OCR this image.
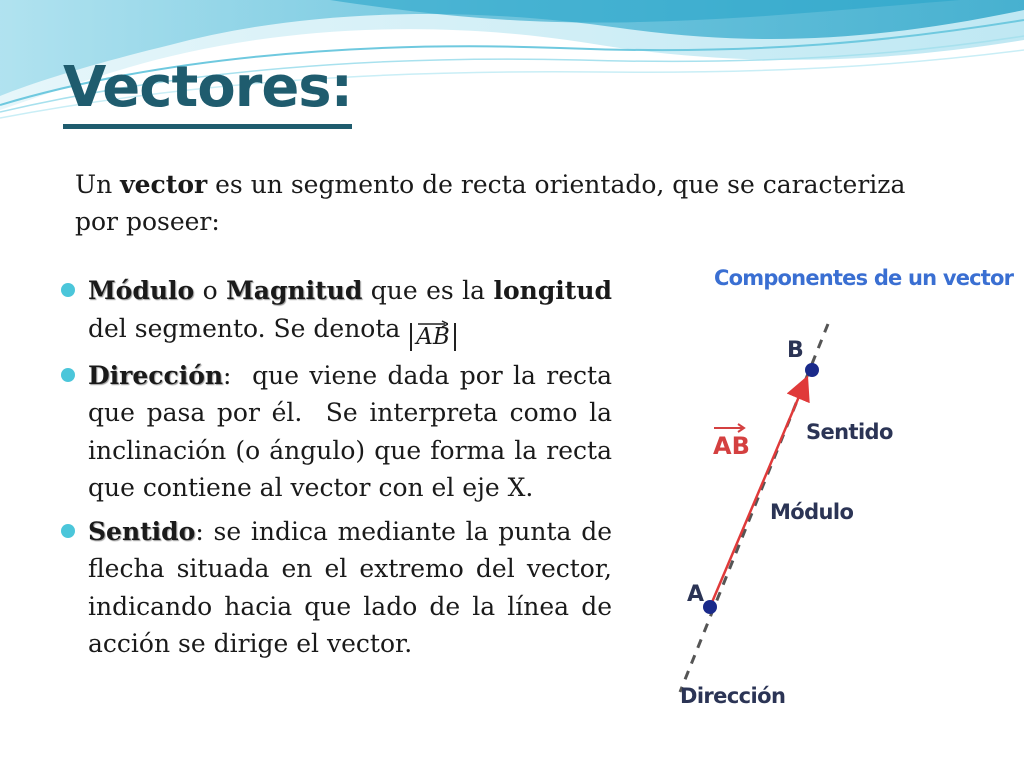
Vectores:

Un vector es un segmento de recta orientado, que se caracteriza por poseer:

Módulo o Magnitud que es la longitud del segmento. Se denota AB
Dirección:  que viene dada por la recta que pasa por él.  Se interpreta como la inclinación (o ángulo) que forma la recta que contiene al vector con el eje X.
Sentido: se indica mediante la punta de flecha situada en el extremo del vector, indicando hacia que lado de la línea de acción se dirige el vector.
Componentes de un vector
B
A
AB	Sentido
Módulo
Dirección
